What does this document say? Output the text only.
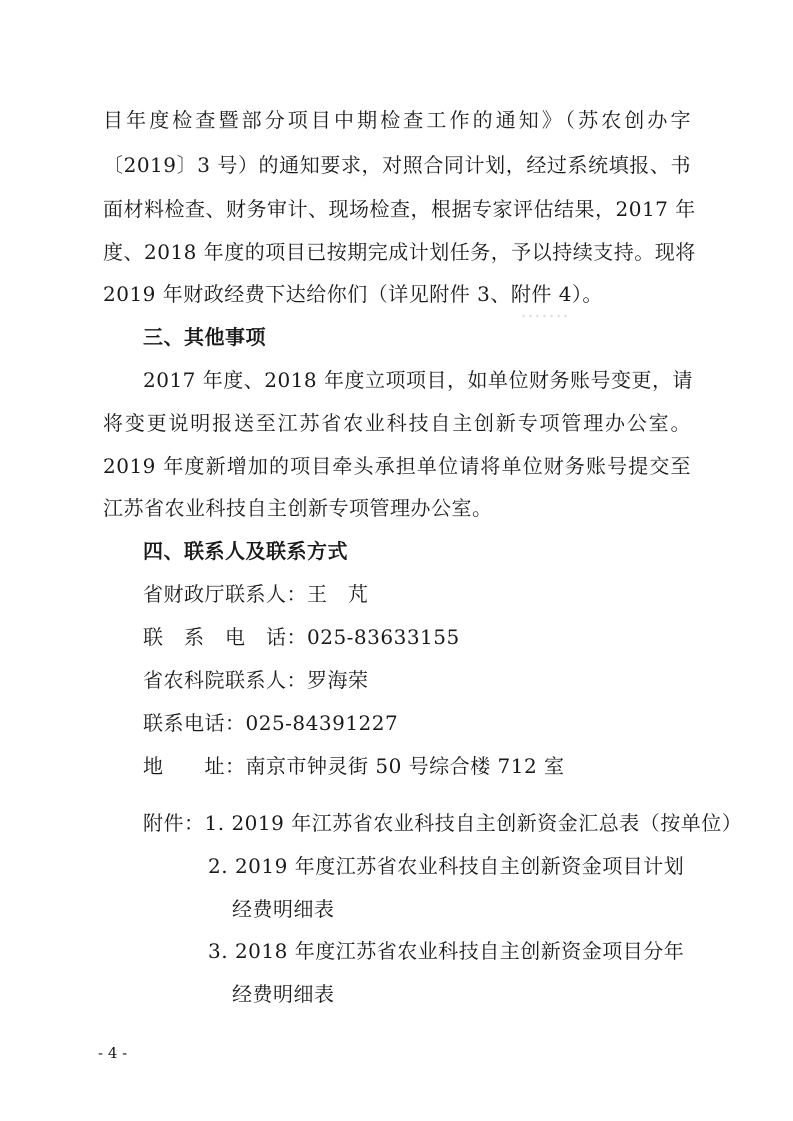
目年度检查暨部分项目中期检查工作的通知》（苏农创办字
〔2019〕3 号）的通知要求，对照合同计划，经过系统填报、书
面材料检查、财务审计、现场检查，根据专家评估结果，2017 年
度、2018 年度的项目已按期完成计划任务，予以持续支持。现将
2019 年财政经费下达给你们（详见附件 3、附件 4）。
三、其他事项
2017 年度、2018 年度立项项目，如单位财务账号变更，请
将变更说明报送至江苏省农业科技自主创新专项管理办公室。
2019 年度新增加的项目牵头承担单位请将单位财务账号提交至
江苏省农业科技自主创新专项管理办公室。
四、联系人及联系方式
省财政厅联系人：王　芃
联　系　电　话：025-83633155
省农科院联系人：罗海荣
联系电话：025-84391227
地　　址：南京市钟灵街 50 号综合楼 712 室
附件：1. 2019 年江苏省农业科技自主创新资金汇总表（按单位）
2. 2019 年度江苏省农业科技自主创新资金项目计划
经费明细表
3. 2018 年度江苏省农业科技自主创新资金项目分年
经费明细表
- 4 -
